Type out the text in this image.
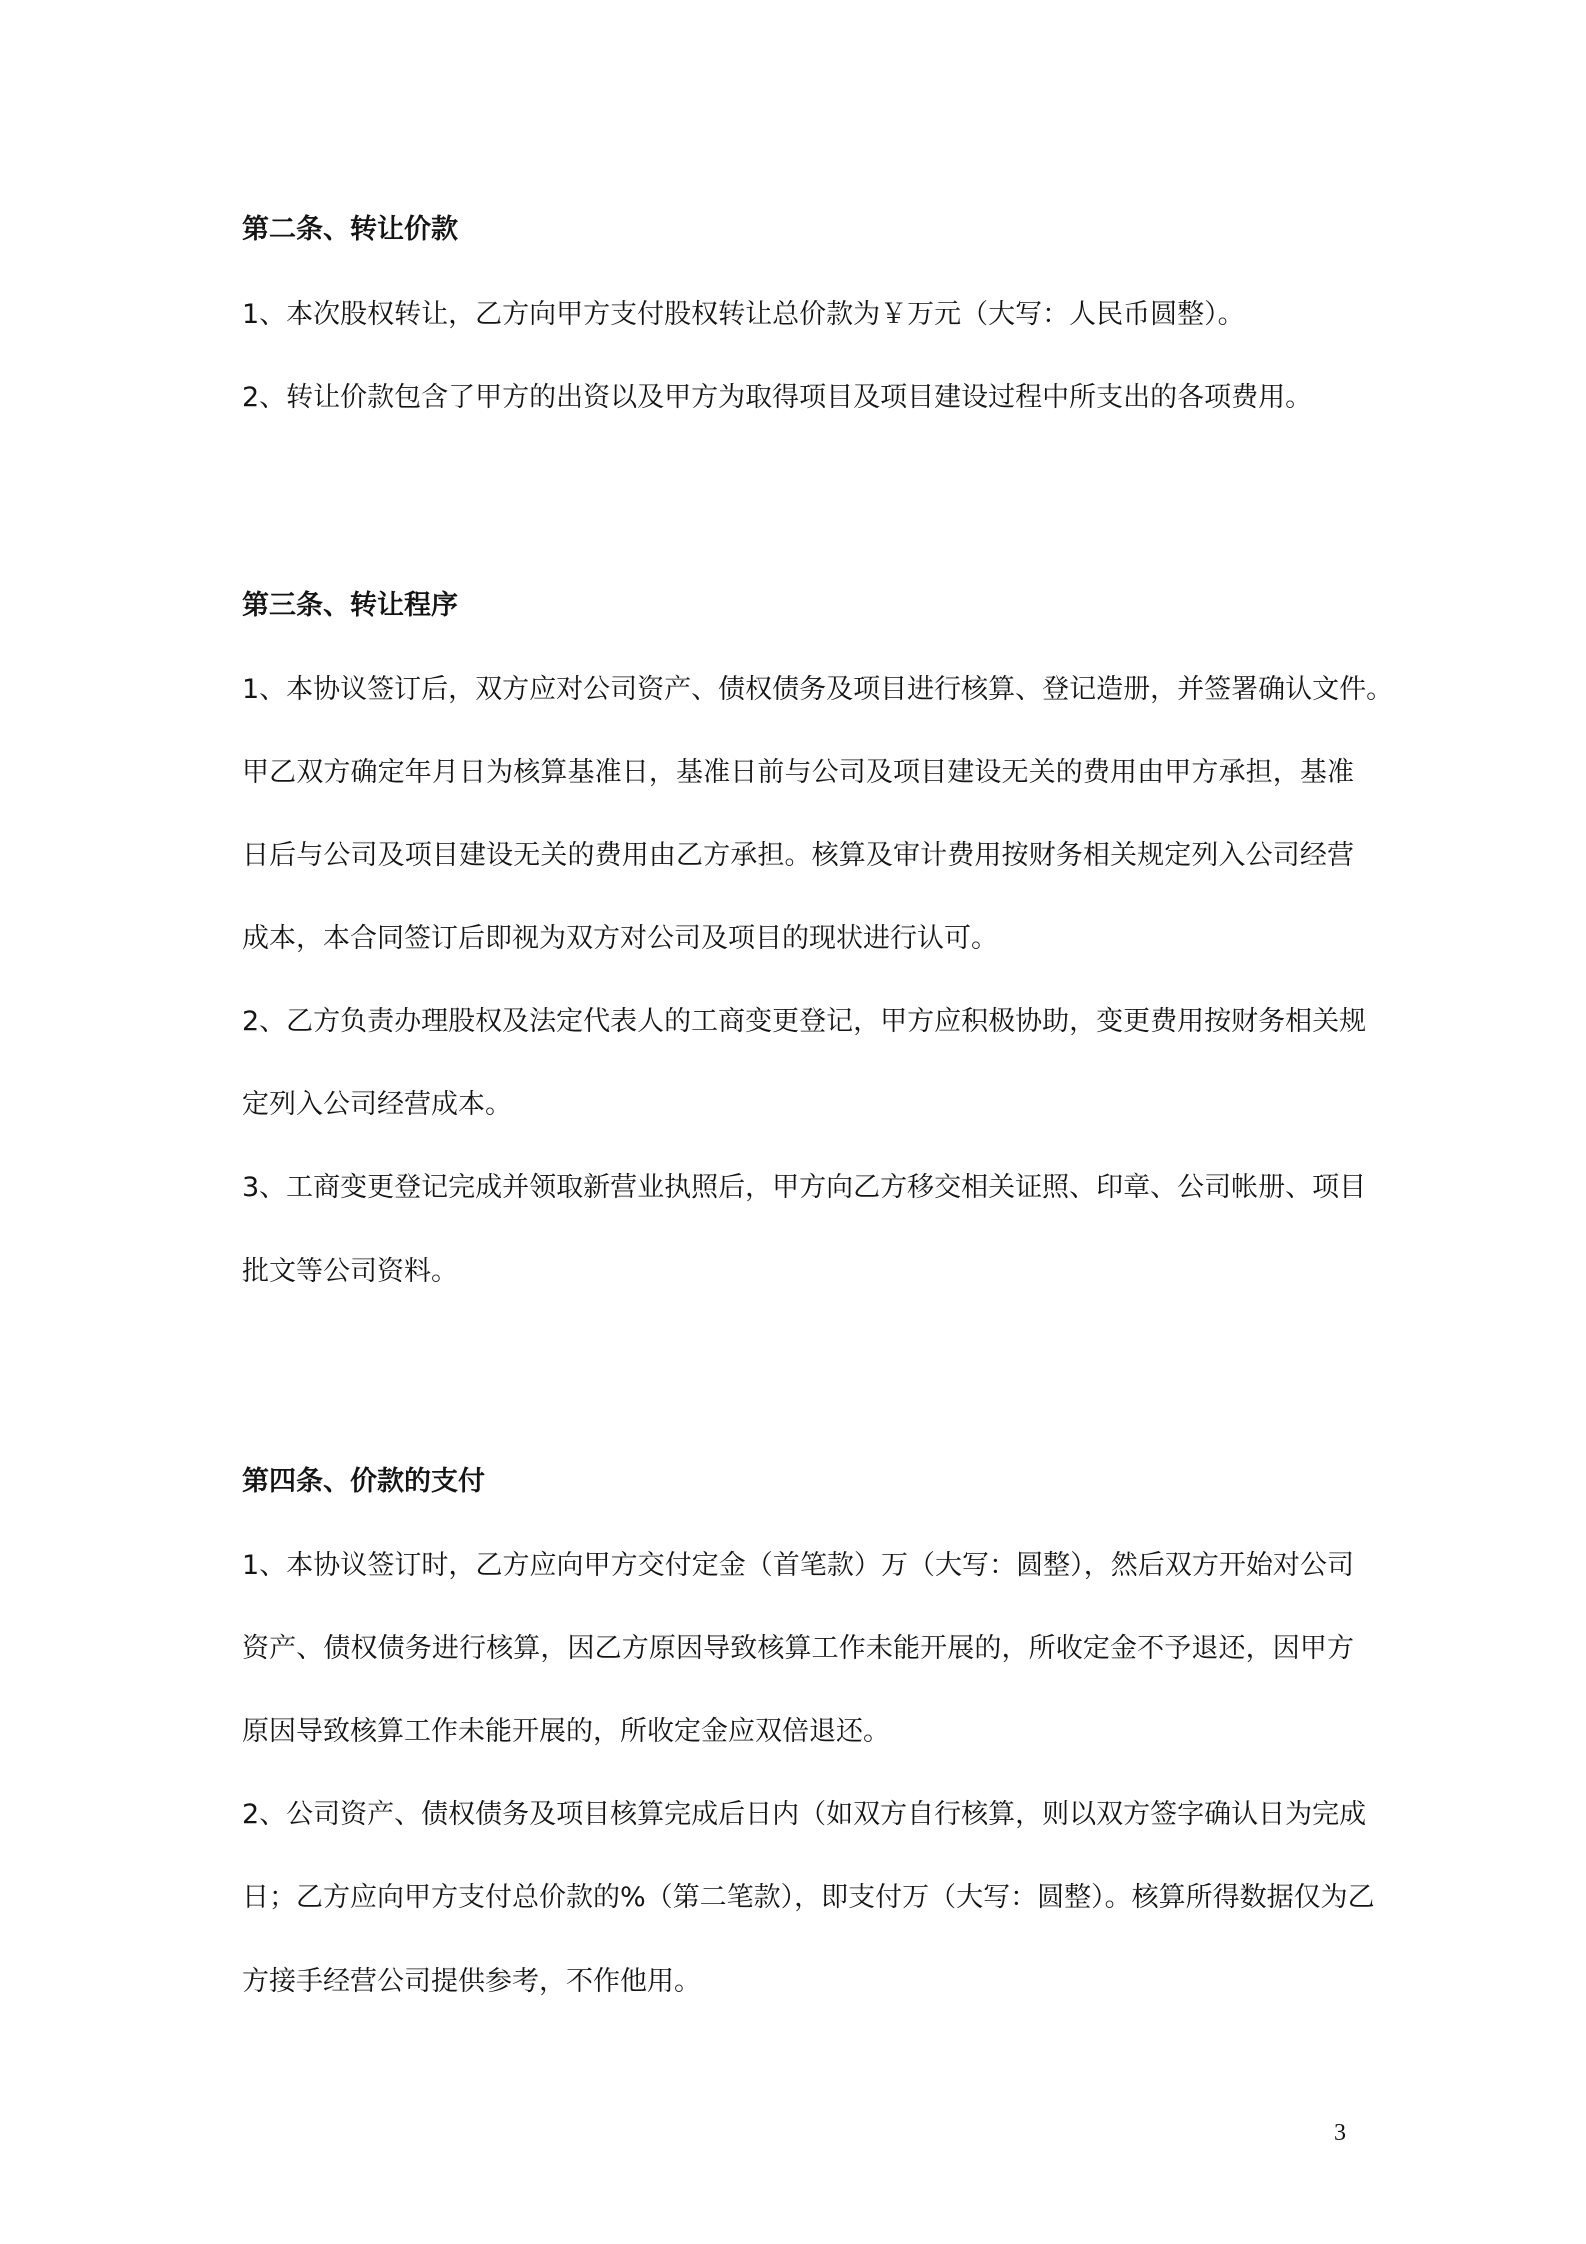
第二条、转让价款
1、本次股权转让，乙方向甲方支付股权转让总价款为￥万元（大写：人民币圆整）。
2、转让价款包含了甲方的出资以及甲方为取得项目及项目建设过程中所支出的各项费用。
第三条、转让程序
1、本协议签订后，双方应对公司资产、债权债务及项目进行核算、登记造册，并签署确认文件。
甲乙双方确定年月日为核算基准日，基准日前与公司及项目建设无关的费用由甲方承担，基准
日后与公司及项目建设无关的费用由乙方承担。核算及审计费用按财务相关规定列入公司经营
成本，本合同签订后即视为双方对公司及项目的现状进行认可。
2、乙方负责办理股权及法定代表人的工商变更登记，甲方应积极协助，变更费用按财务相关规
定列入公司经营成本。
3、工商变更登记完成并领取新营业执照后，甲方向乙方移交相关证照、印章、公司帐册、项目
批文等公司资料。
第四条、价款的支付
1、本协议签订时，乙方应向甲方交付定金（首笔款）万（大写：圆整），然后双方开始对公司
资产、债权债务进行核算，因乙方原因导致核算工作未能开展的，所收定金不予退还，因甲方
原因导致核算工作未能开展的，所收定金应双倍退还。
2、公司资产、债权债务及项目核算完成后日内（如双方自行核算，则以双方签字确认日为完成
日；乙方应向甲方支付总价款的%（第二笔款），即支付万（大写：圆整）。核算所得数据仅为乙
方接手经营公司提供参考，不作他用。
3
